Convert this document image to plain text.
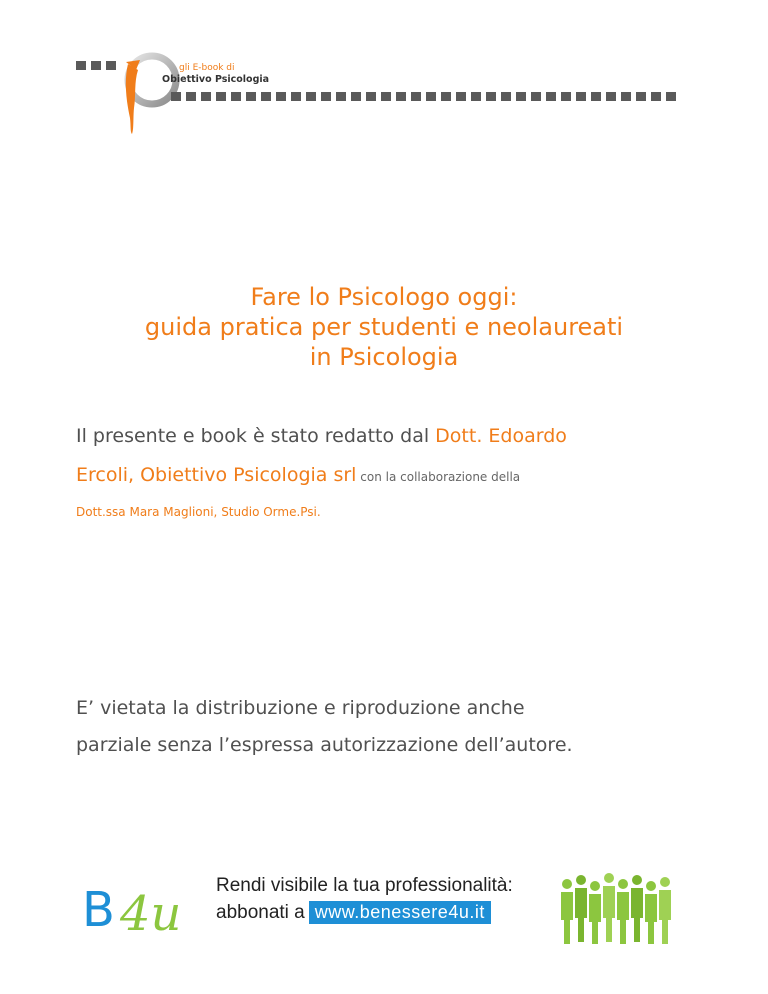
gli E-book di
Obiettivo Psicologia
Fare lo Psicologo oggi:
guida pratica per studenti e neolaureati
in Psicologia
Il presente e book è stato redatto dal Dott. Edoardo
Ercoli, Obiettivo Psicologia srl con la collaborazione della
Dott.ssa Mara Maglioni, Studio Orme.Psi.
E’ vietata la distribuzione e riproduzione anche
parziale senza l’espressa autorizzazione dell’autore.
B 4u
Rendi visibile la tua professionalità:
abbonati a www.benessere4u.it
